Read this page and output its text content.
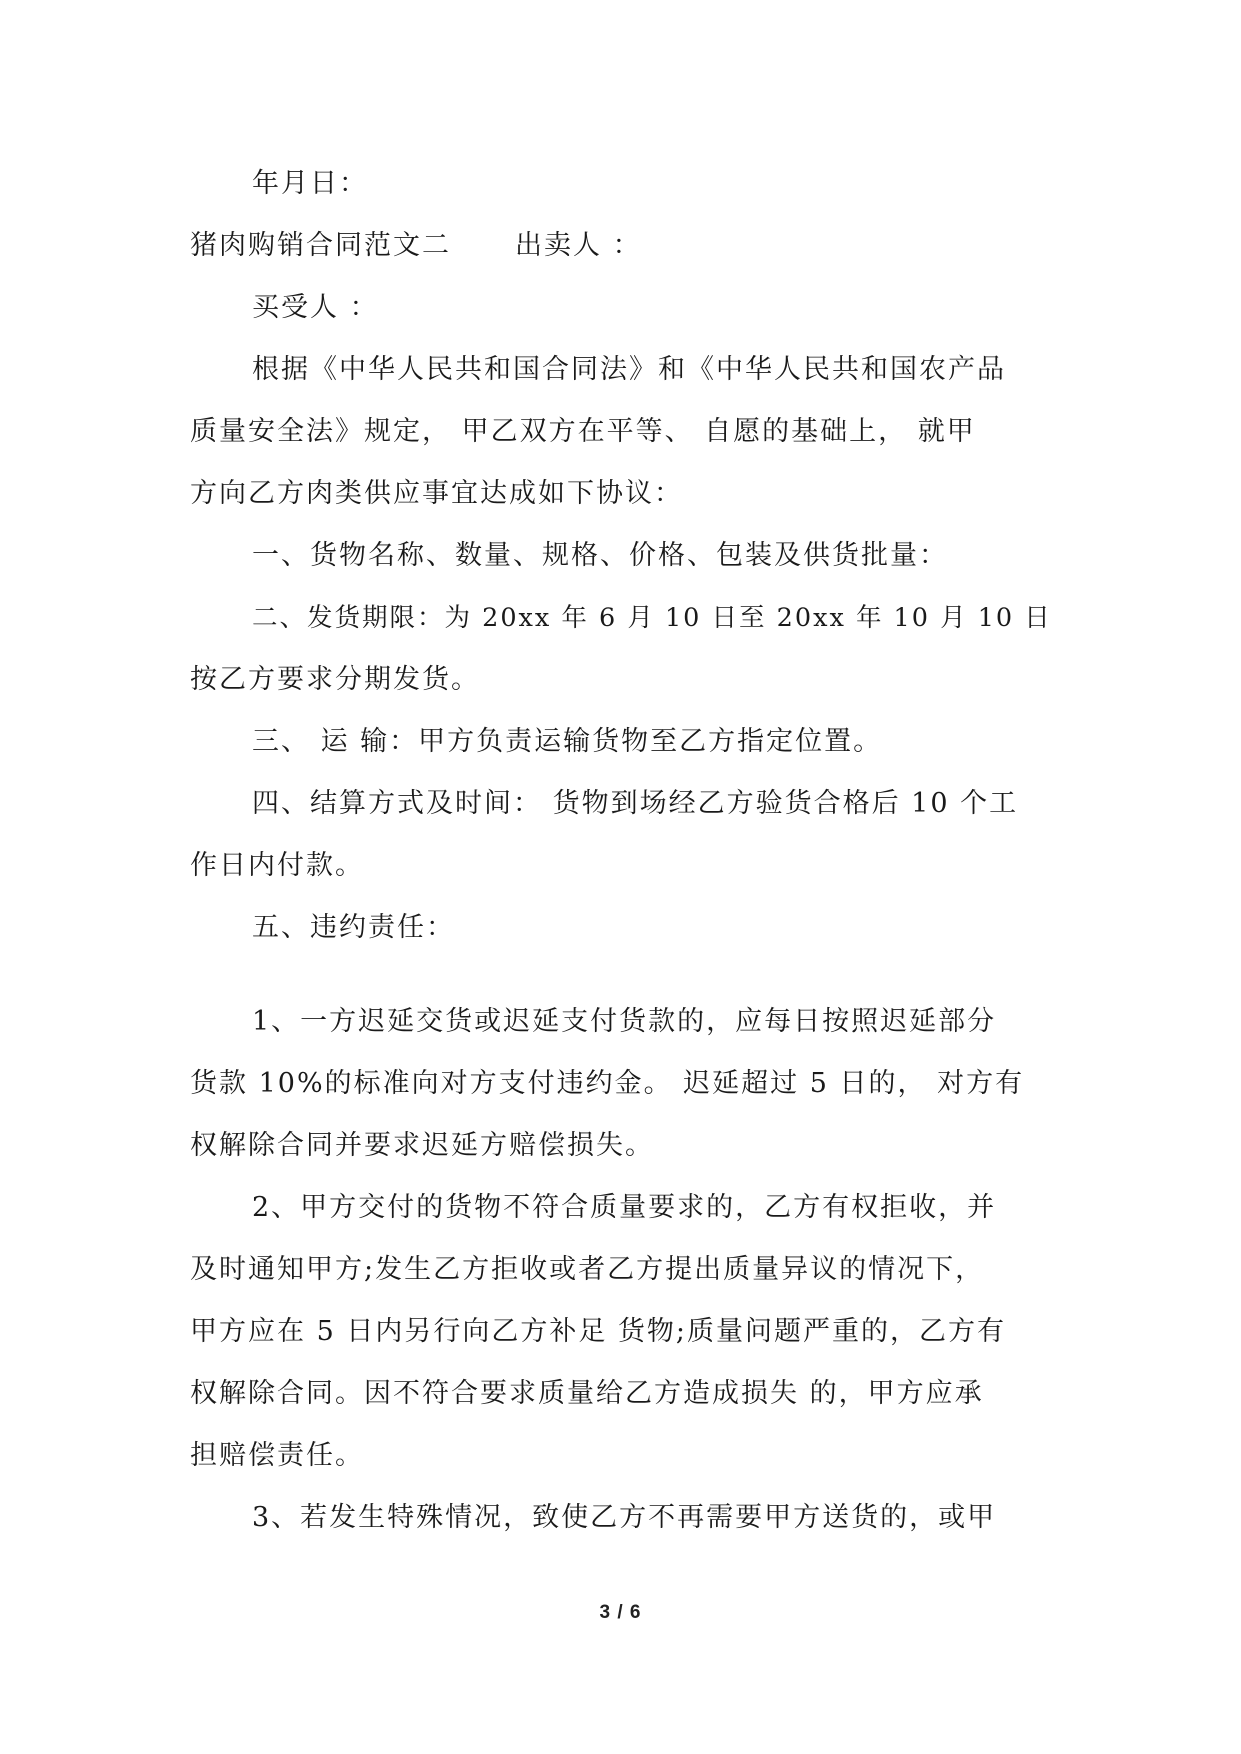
年月日：
猪肉购销合同范文二 出卖人 ：
买受人 ：
根据《中华人民共和国合同法》和《中华人民共和国农产品
质量安全法》规定， 甲乙双方在平等、 自愿的基础上， 就甲
方向乙方肉类供应事宜达成如下协议：
一、货物名称、数量、规格、价格、包装及供货批量：
二、发货期限：为 20xx 年 6 月 10 日至 20xx 年 10 月 10 日
按乙方要求分期发货。
三、 运 输：甲方负责运输货物至乙方指定位置。
四、结算方式及时间： 货物到场经乙方验货合格后 10 个工
作日内付款。
五、违约责任：
1、一方迟延交货或迟延支付货款的，应每日按照迟延部分
货款 10%的标准向对方支付违约金。 迟延超过 5 日的， 对方有
权解除合同并要求迟延方赔偿损失。
2、甲方交付的货物不符合质量要求的，乙方有权拒收，并
及时通知甲方;发生乙方拒收或者乙方提出质量异议的情况下，
甲方应在 5 日内另行向乙方补足 货物;质量问题严重的，乙方有
权解除合同。因不符合要求质量给乙方造成损失 的，甲方应承
担赔偿责任。
3、若发生特殊情况，致使乙方不再需要甲方送货的，或甲
3 / 6
